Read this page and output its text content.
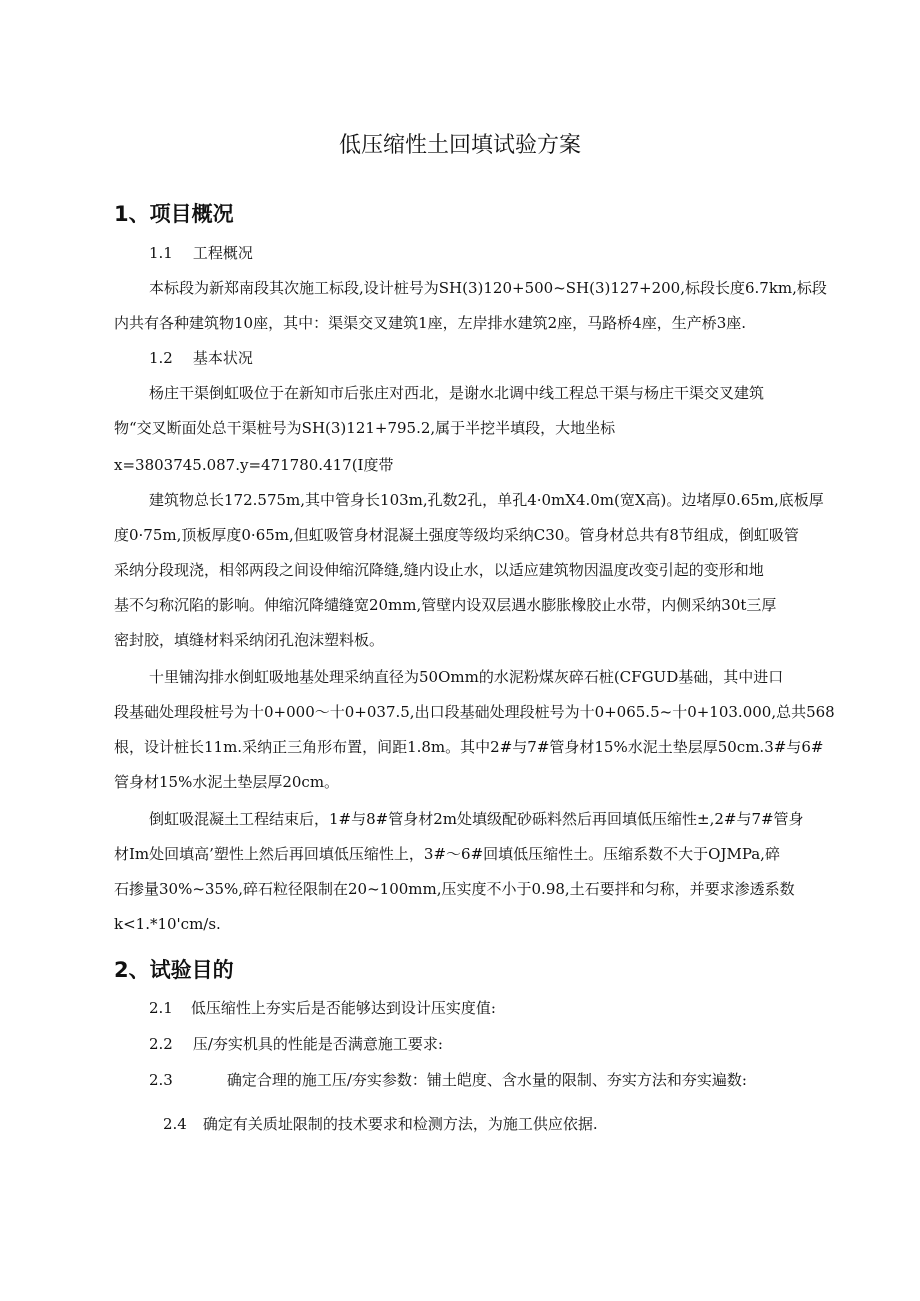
低压缩性土回填试验方案
1、项目概况
1.1 工程概况
本标段为新郑南段其次施工标段,设计桩号为SH(3)120+500~SH(3)127+200,标段长度6.7km,标段
内共有各种建筑物10座，其中：渠渠交叉建筑1座，左岸排水建筑2座，马路桥4座，生产桥3座.
1.2 基本状况
杨庄干渠倒虹吸位于在新知市后张庄对西北，是谢水北调中线工程总干渠与杨庄干渠交叉建筑
物“交叉断面处总干渠桩号为SH(3)121+795.2,属于半挖半填段，大地坐标
x=3803745.087.y=471780.417(I度带
建筑物总长172.575m,其中管身长103m,孔数2孔，单孔4·0mX4.0m(宽X高)。边堵厚0.65m,底板厚
度0·75m,顶板厚度0·65m,但虹吸管身材混凝土强度等级均采纳C30。管身材总共有8节组成，倒虹吸管
采纳分段现浇，相邻两段之间设伸缩沉降缝,缝内设止水，以适应建筑物因温度改变引起的变形和地
基不匀称沉陷的影响。伸缩沉降缱缝宽20mm,管壁内设双层遇水膨胀橡胶止水带，内侧采纳30t三厚
密封胶，填缝材料采纳闭孔泡沫塑料板。
十里铺沟排水倒虹吸地基处理采纳直径为50Omm的水泥粉煤灰碎石桩(CFGUD基础，其中进口
段基础处理段桩号为十0+000～十0+037.5,出口段基础处理段桩号为十0+065.5~十0+103.000,总共568
根，设计桩长11m.采纳正三角形布置，间距1.8m。其中2#与7#管身材15%水泥土垫层厚50cm.3#与6#
管身材15%水泥土垫层厚20cm。
倒虹吸混凝土工程结束后，1#与8#管身材2m处填级配砂砾料然后再回填低压缩性±,2#与7#管身
材Im处回填高’塑性上然后再回填低压缩性上，3#～6#回填低压缩性土。压缩系数不大于OJMPa,碎
石掺量30%~35%,碎石粒径限制在20~100mm,压实度不小于0.98,土石要拌和匀称，并要求渗透系数
k<1.*10'cm∕s.
2、试验目的
2.1 低压缩性上夯实后是否能够达到设计压实度值:
2.2 压/夯实机具的性能是否满意施工要求:
2.3	确定合理的施工压/夯实参数：铺土皑度、含水量的限制、夯实方法和夯实遍数:
2.4 确定有关质址限制的技术要求和检测方法，为施工供应依据.
